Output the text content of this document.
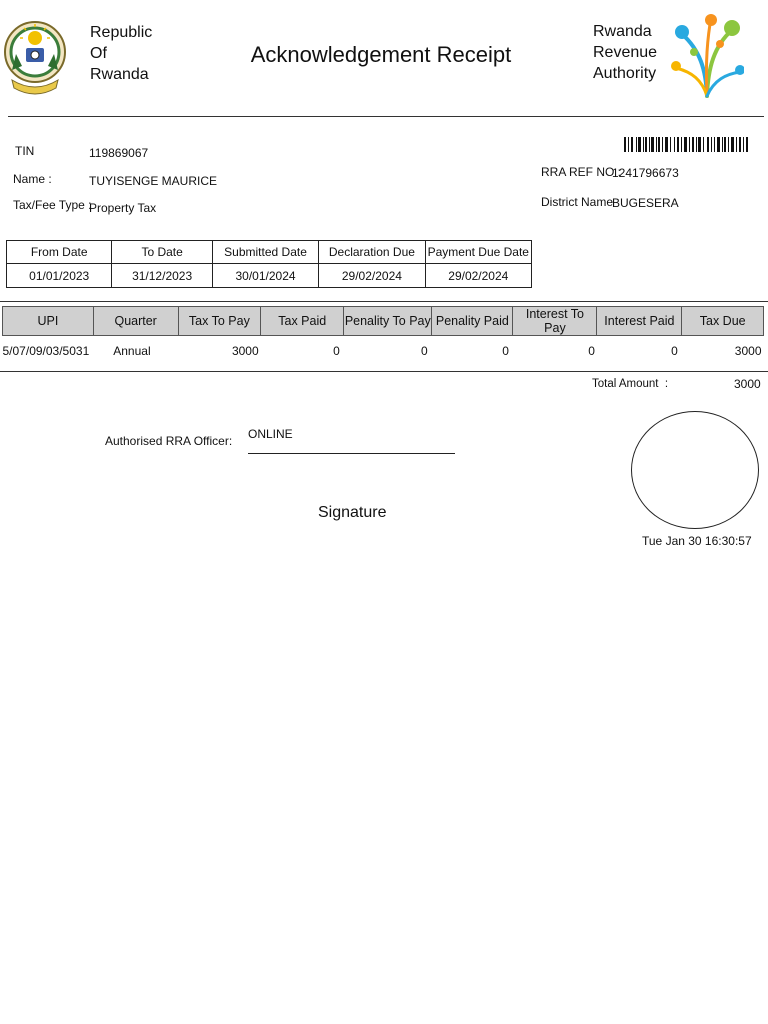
Republic
Of
Rwanda
Acknowledgement Receipt
Rwanda
Revenue
Authority
TIN	119869067
Name :	TUYISENGE MAURICE
Tax/Fee Type :
Property Tax
RRA REF NO :
1241796673
District Name
BUGESERA
From Date	To Date	Submitted Date	Declaration Due	Payment Due Date
01/01/2023	31/12/2023	30/01/2024	29/02/2024	29/02/2024
UPI	Quarter	Tax To Pay	Tax Paid	Penality To Pay	Penality Paid	Interest To Pay	Interest Paid	Tax Due
5/07/09/03/5031	Annual	3000	0	0	0	0	0	3000
Total Amount  :	3000
Authorised RRA Officer: ONLINE
Signature
Tue Jan 30 16:30:57
